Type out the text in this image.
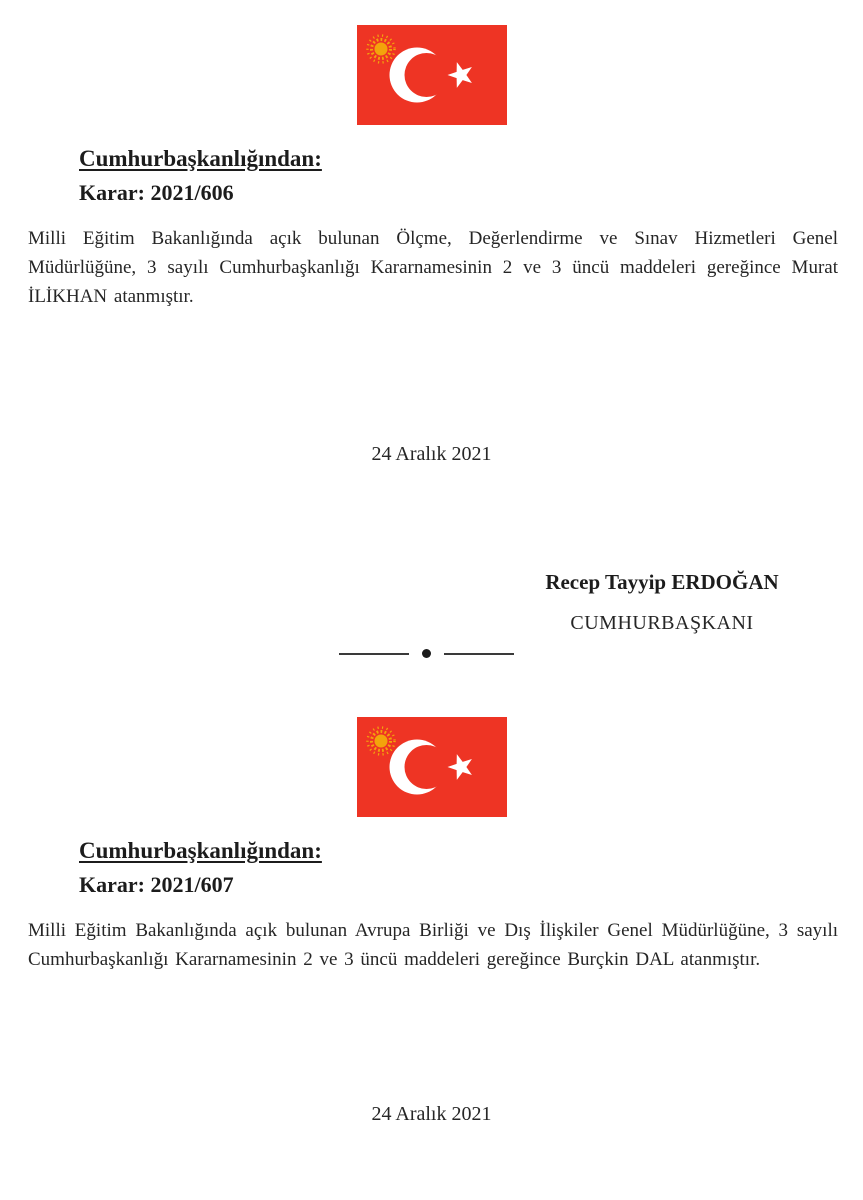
Cumhurbaşkanlığından:
Karar: 2021/606

Milli Eğitim Bakanlığında açık bulunan Ölçme, Değerlendirme ve Sınav Hizmetleri Genel Müdürlüğüne, 3 sayılı Cumhurbaşkanlığı Kararnamesinin 2 ve 3 üncü maddeleri gereğince Murat İLİKHAN atanmıştır.

24 Aralık 2021
Recep Tayyip ERDOĞAN
CUMHURBAŞKANI
Cumhurbaşkanlığından:
Karar: 2021/607

Milli Eğitim Bakanlığında açık bulunan Avrupa Birliği ve Dış İlişkiler Genel Müdürlüğüne, 3 sayılı Cumhurbaşkanlığı Kararnamesinin 2 ve 3 üncü maddeleri gereğince Burçkin DAL atanmıştır.

24 Aralık 2021
